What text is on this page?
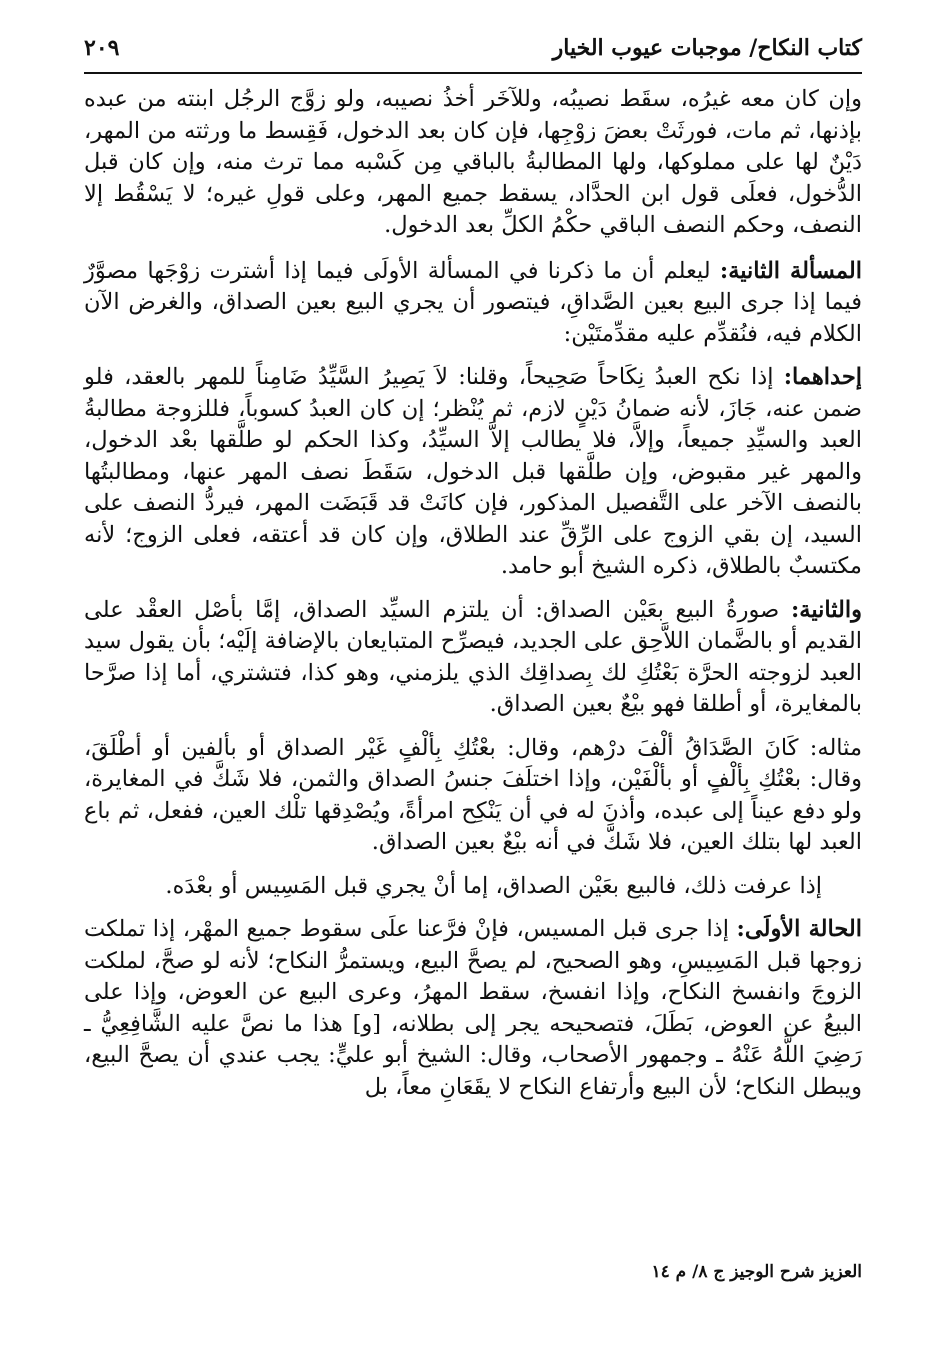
كتاب النكاح/ موجبات عيوب الخيار
٢٠٩

وإن كان معه غيرُه، سقَط نصيبُه، وللآخَر أخذُ نصيبه، ولو زوَّج الرجُل ابنته من عبده بإذنها، ثم مات، فورثَتْ بعضَ زوْجِها، فإن كان بعد الدخول، فَقِسط ما ورثته من المهر، دَيْنٌ لها على مملوكها، ولها المطالبةُ بالباقي مِن كَسْبه مما ترث منه، وإن كان قبل الدُّخول، فعلَى قول ابن الحدَّاد، يسقط جميع المهر، وعلى قولِ غيره؛ لا يَسْقُط إلا النصف، وحكم النصف الباقي حكْمُ الكلِّ بعد الدخول.

المسألة الثانية: ليعلم أن ما ذكرنا في المسألة الأولَى فيما إذا أشترت زوْجَها مصوَّرٌ فيما إذا جرى البيع بعين الصَّداقِ، فيتصور أن يجري البيع بعين الصداق، والغرض الآن الكلام فيه، فنُقدِّم عليه مقدِّمتَيْن:

إحداهما: إذا نكح العبدُ نِكَاحاً صَحِيحاً، وقلنا: لاَ يَصِيرُ السَّيِّدُ ضَامِناً للمهر بالعقد، فلو ضمن عنه، جَازَ، لأنه ضمانُ دَيْنٍ لازم، ثم يُنْظر؛ إن كان العبدُ كسوباً، فللزوجة مطالبةُ العبد والسيِّدِ جميعاً، وإلاَّ، فلا يطالب إلاَّ السيِّدُ، وكذا الحكم لو طلَّقها بعْد الدخول، والمهر غير مقبوض، وإن طلَّقها قبل الدخول، سَقَطَ نصف المهر عنها، ومطالبتُها بالنصف الآخر على التَّفصيل المذكور، فإن كانَتْ قد قَبَضَت المهر، فيردُّ النصف على السيد، إن بقي الزوج على الرِّقِّ عند الطلاق، وإن كان قد أعتقه، فعلى الزوج؛ لأنه مكتسبٌ بالطلاق، ذكره الشيخ أبو حامد.

والثانية: صورةُ البيع بعَيْن الصداق: أن يلتزم السيِّد الصداق، إمَّا بأصْل العقْد على القديم أو بالضَّمان اللاَّحِق على الجديد، فيصرِّح المتبايعان بالإضافة إلَيْه؛ بأن يقول سيد العبد لزوجته الحرَّة بَعْتُكِ لك بِصداقِك الذي يلزمني، وهو كذا، فتشتري، أما إذا صرَّحا بالمغايرة، أو أطلقا فهو بيْعٌ بعين الصداق.

مثاله: كَانَ الصَّدَاقُ ألْفَ درْهم، وقال: بعْتُكِ بِألْفٍ غَيْر الصداق أو بألفين أو أطْلَقَ، وقال: بعْتُكِ بِألْفٍ أو بألْفَيْن، وإذا اختلَفَ جنسُ الصداق والثمن، فلا شَكَّ في المغايرة، ولو دفع عيناً إلى عبده، وأذنَ له في أن يَنْكِح امرأةً، ويُصْدِقها تلْك العين، ففعل، ثم باع العبد لها بتلك العين، فلا شَكَّ في أنه بيْعٌ بعين الصداق.

إذا عرفت ذلك، فالبيع بعَيْن الصداق، إما أنْ يجري قبل المَسِيس أو بعْدَه.

الحالة الأولَى: إذا جرى قبل المسيس، فإنْ فرَّعنا علَى سقوط جميع المهْر، إذا تملكت زوجها قبل المَسِيسِ، وهو الصحيح، لم يصحَّ البيع، ويستمرُّ النكاح؛ لأنه لو صحَّ، لملكت الزوجَ وانفسخ النكاح، وإذا انفسخ، سقط المهرُ، وعرى البيع عن العوض، وإذا على البيعُ عن العوض، بَطَلَ، فتصحيحه يجر إلى بطلانه، [و] هذا ما نصَّ عليه الشَّافِعِيُّ ـ رَضِيَ اللَّهُ عَنْهُ ـ وجمهور الأصحاب، وقال: الشيخ أبو عليٍّ: يجب عندي أن يصحَّ البيع، ويبطل النكاح؛ لأن البيع وأرتفاع النكاح لا يقَعَانِ معاً، بل

العزيز شرح الوجيز ج ٨/ م ١٤
